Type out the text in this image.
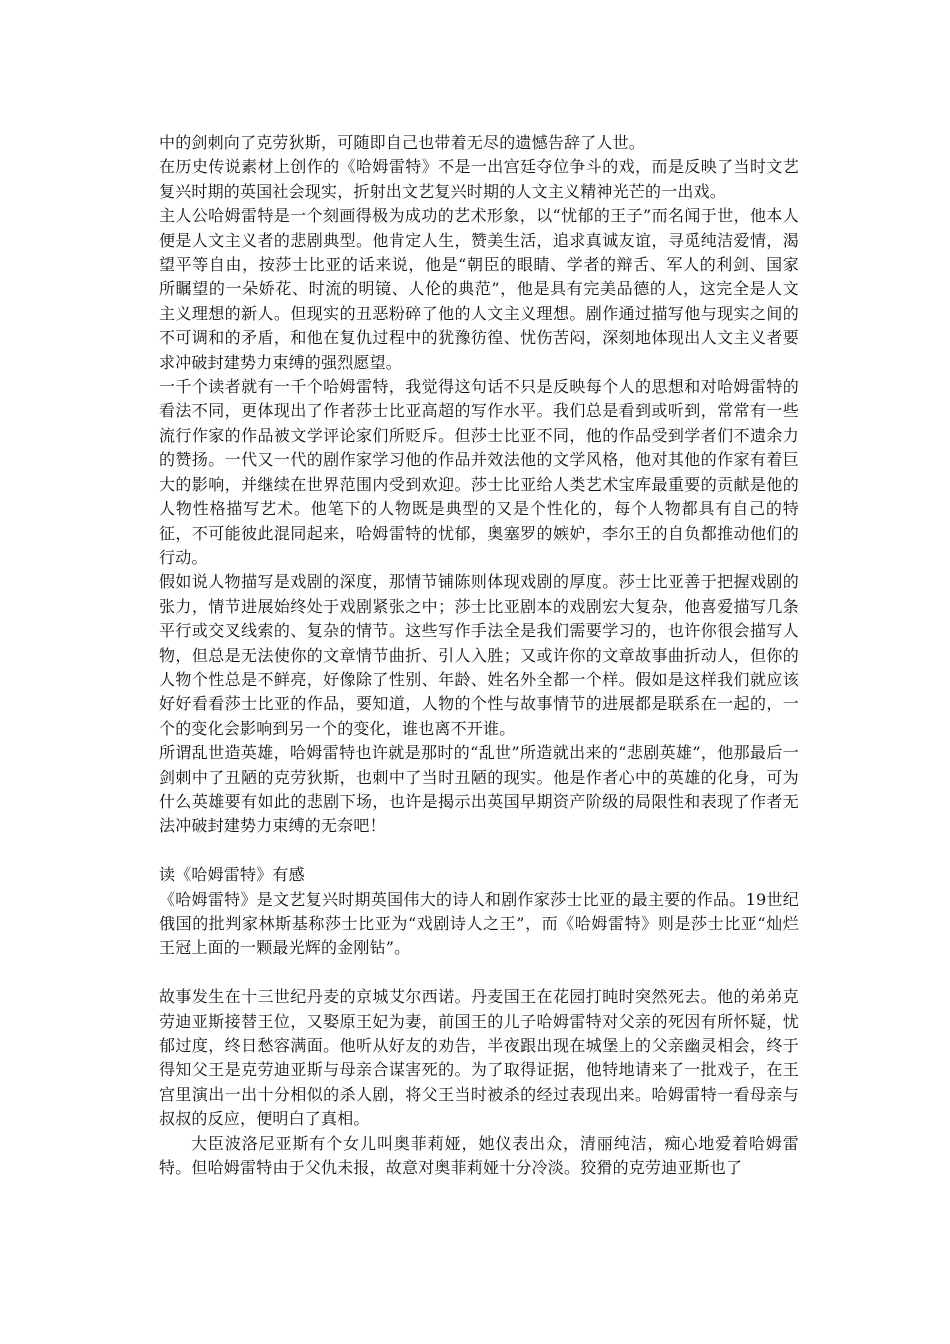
中的剑刺向了克劳狄斯，可随即自己也带着无尽的遗憾告辞了人世。

在历史传说素材上创作的《哈姆雷特》不是一出宫廷夺位争斗的戏，而是反映了当时文艺复兴时期的英国社会现实，折射出文艺复兴时期的人文主义精神光芒的一出戏。

主人公哈姆雷特是一个刻画得极为成功的艺术形象，以“忧郁的王子”而名闻于世，他本人便是人文主义者的悲剧典型。他肯定人生，赞美生活，追求真诚友谊，寻觅纯洁爱情，渴望平等自由，按莎士比亚的话来说，他是“朝臣的眼睛、学者的辩舌、军人的利剑、国家所瞩望的一朵娇花、时流的明镜、人伦的典范”，他是具有完美品德的人，这完全是人文主义理想的新人。但现实的丑恶粉碎了他的人文主义理想。剧作通过描写他与现实之间的不可调和的矛盾，和他在复仇过程中的犹豫彷徨、忧伤苦闷，深刻地体现出人文主义者要求冲破封建势力束缚的强烈愿望。

一千个读者就有一千个哈姆雷特，我觉得这句话不只是反映每个人的思想和对哈姆雷特的看法不同，更体现出了作者莎士比亚高超的写作水平。我们总是看到或听到，常常有一些流行作家的作品被文学评论家们所贬斥。但莎士比亚不同，他的作品受到学者们不遗余力的赞扬。一代又一代的剧作家学习他的作品并效法他的文学风格，他对其他的作家有着巨大的影响，并继续在世界范围内受到欢迎。莎士比亚给人类艺术宝库最重要的贡献是他的人物性格描写艺术。他笔下的人物既是典型的又是个性化的，每个人物都具有自己的特征，不可能彼此混同起来，哈姆雷特的忧郁，奥塞罗的嫉妒，李尔王的自负都推动他们的行动。

假如说人物描写是戏剧的深度，那情节铺陈则体现戏剧的厚度。莎士比亚善于把握戏剧的张力，情节进展始终处于戏剧紧张之中；莎士比亚剧本的戏剧宏大复杂，他喜爱描写几条平行或交叉线索的、复杂的情节。这些写作手法全是我们需要学习的，也许你很会描写人物，但总是无法使你的文章情节曲折、引人入胜；又或许你的文章故事曲折动人，但你的人物个性总是不鲜亮，好像除了性别、年龄、姓名外全都一个样。假如是这样我们就应该好好看看莎士比亚的作品，要知道，人物的个性与故事情节的进展都是联系在一起的，一个的变化会影响到另一个的变化，谁也离不开谁。

所谓乱世造英雄，哈姆雷特也许就是那时的“乱世”所造就出来的“悲剧英雄”，他那最后一剑刺中了丑陋的克劳狄斯，也刺中了当时丑陋的现实。他是作者心中的英雄的化身，可为什么英雄要有如此的悲剧下场，也许是揭示出英国早期资产阶级的局限性和表现了作者无法冲破封建势力束缚的无奈吧！

读《哈姆雷特》有感

《哈姆雷特》是文艺复兴时期英国伟大的诗人和剧作家莎士比亚的最主要的作品。19世纪俄国的批判家林斯基称莎士比亚为“戏剧诗人之王”，而《哈姆雷特》则是莎士比亚“灿烂王冠上面的一颗最光辉的金刚钻”。

故事发生在十三世纪丹麦的京城艾尔西诺。丹麦国王在花园打盹时突然死去。他的弟弟克劳迪亚斯接替王位，又娶原王妃为妻，前国王的儿子哈姆雷特对父亲的死因有所怀疑，忧郁过度，终日愁容满面。他听从好友的劝告，半夜跟出现在城堡上的父亲幽灵相会，终于得知父王是克劳迪亚斯与母亲合谋害死的。为了取得证据，他特地请来了一批戏子，在王宫里演出一出十分相似的杀人剧，将父王当时被杀的经过表现出来。哈姆雷特一看母亲与叔叔的反应，便明白了真相。

大臣波洛尼亚斯有个女儿叫奥菲莉娅，她仪表出众，清丽纯洁，痴心地爱着哈姆雷特。但哈姆雷特由于父仇未报，故意对奥菲莉娅十分冷淡。狡猾的克劳迪亚斯也了
